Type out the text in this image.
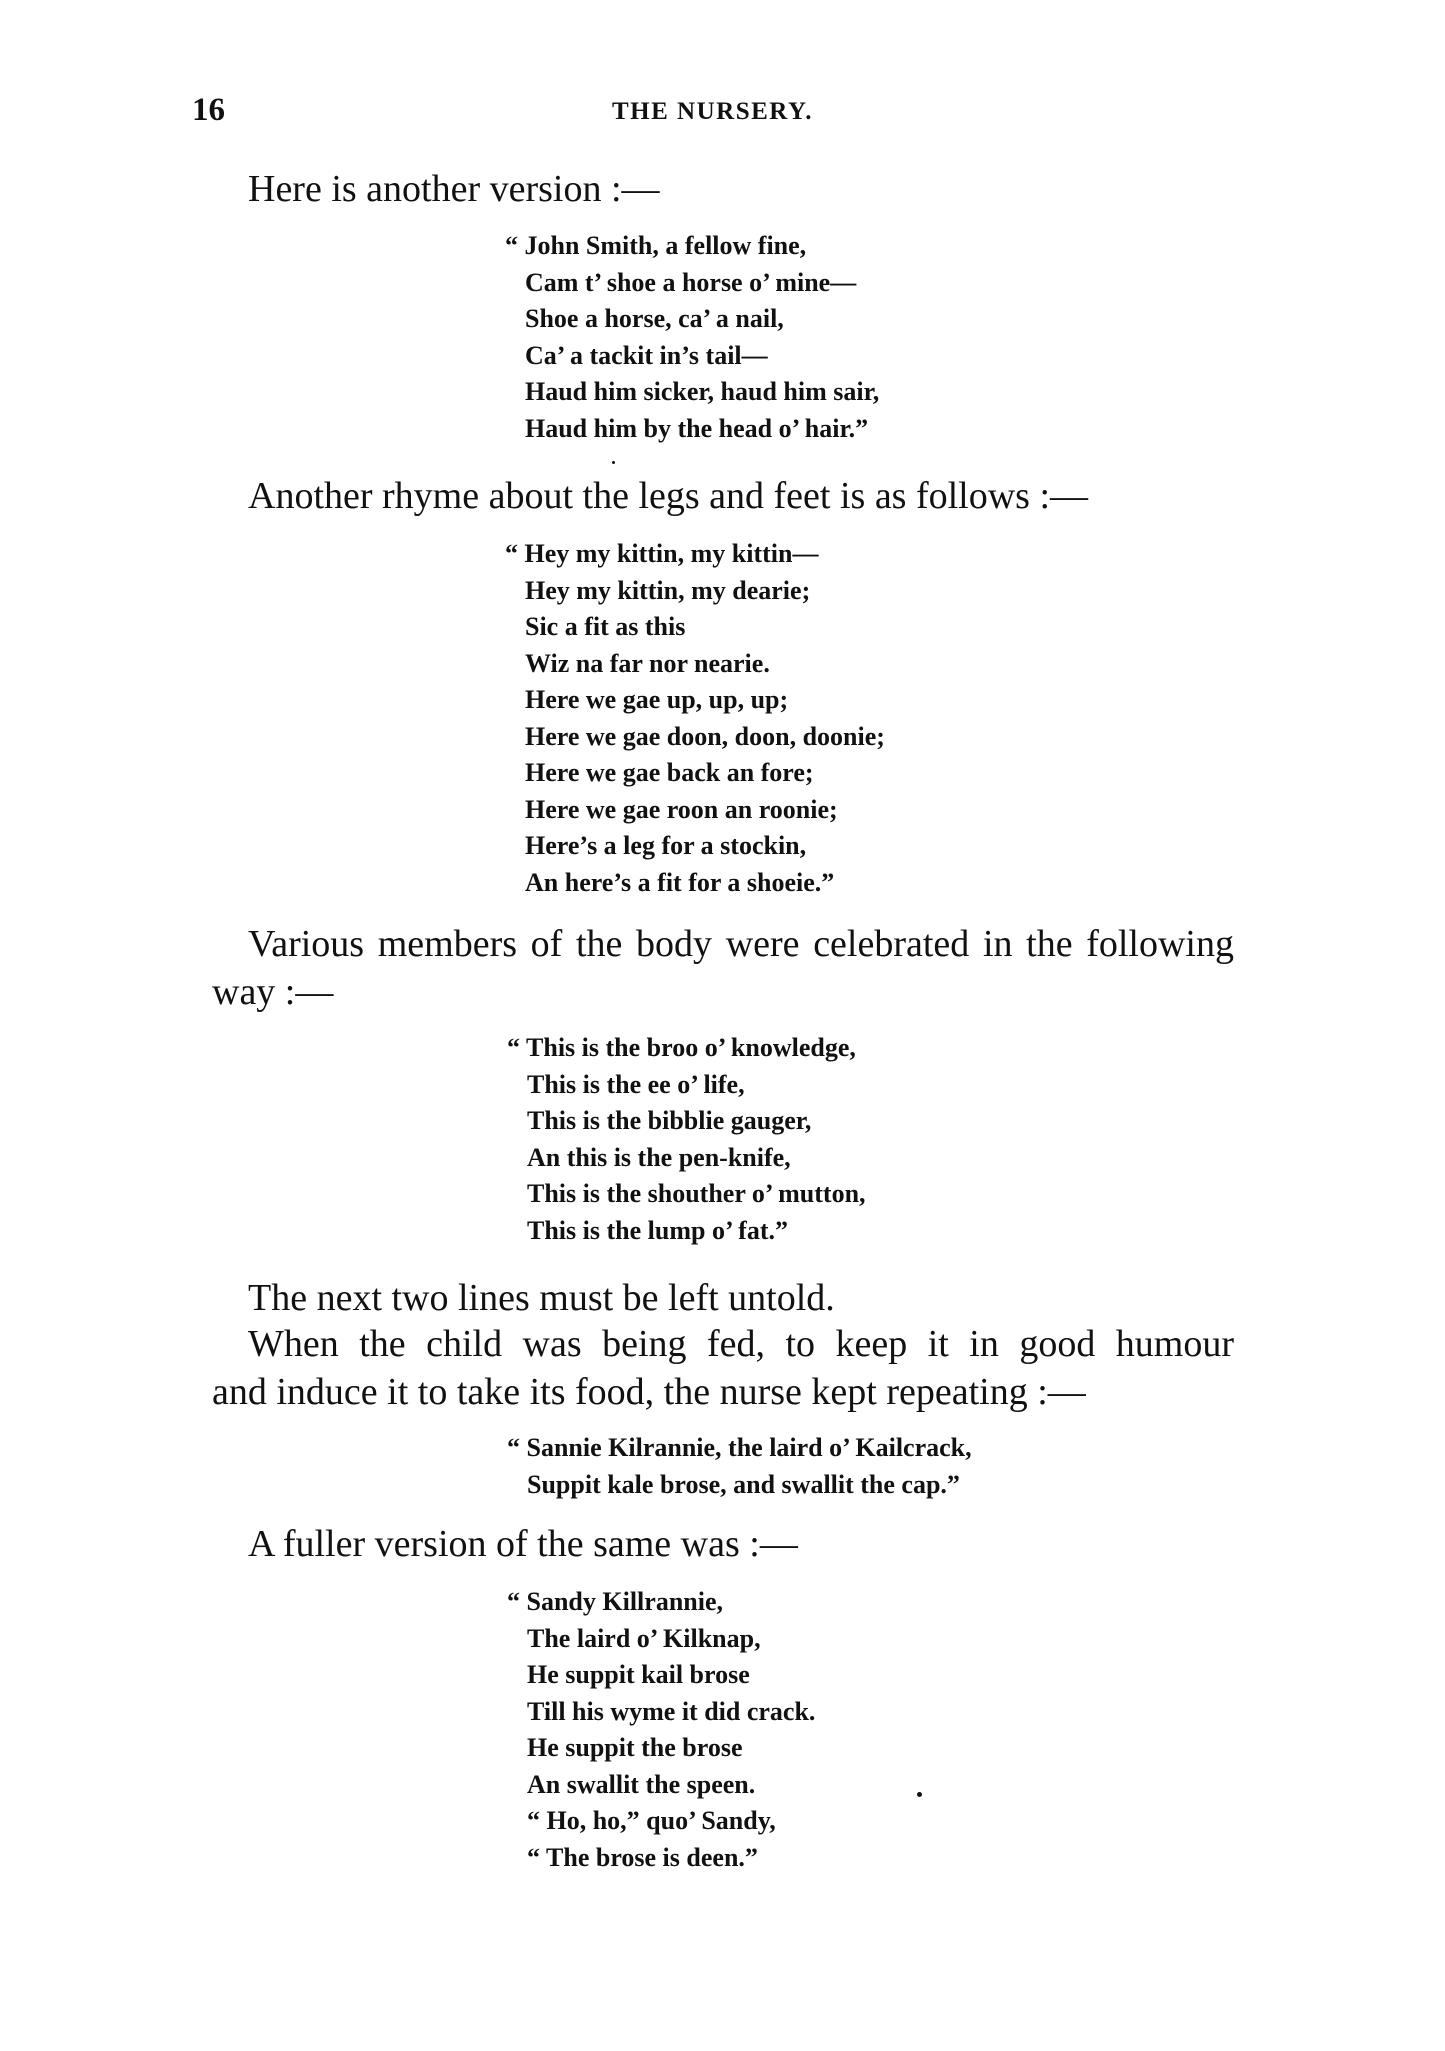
16	THE NURSERY.
Here is another version :—
“ John Smith, a fellow fine,
Cam t’ shoe a horse o’ mine—
Shoe a horse, ca’ a nail,
Ca’ a tackit in’s tail—
Haud him sicker, haud him sair,
Haud him by the head o’ hair.”
Another rhyme about the legs and feet is as follows :—
“ Hey my kittin, my kittin—
Hey my kittin, my dearie;
Sic a fit as this
Wiz na far nor nearie.
Here we gae up, up, up;
Here we gae doon, doon, doonie;
Here we gae back an fore;
Here we gae roon an roonie;
Here’s a leg for a stockin,
An here’s a fit for a shoeie.”
Various members of the body were celebrated in the following
way :—
“ This is the broo o’ knowledge,
This is the ee o’ life,
This is the bibblie gauger,
An this is the pen-knife,
This is the shouther o’ mutton,
This is the lump o’ fat.”
The next two lines must be left untold.
When the child was being fed, to keep it in good humour
and induce it to take its food, the nurse kept repeating :—
“ Sannie Kilrannie, the laird o’ Kailcrack,
Suppit kale brose, and swallit the cap.”
A fuller version of the same was :—
“ Sandy Killrannie,
The laird o’ Kilknap,
He suppit kail brose
Till his wyme it did crack.
He suppit the brose
An swallit the speen.
“ Ho, ho,” quo’ Sandy,
“ The brose is deen.”
